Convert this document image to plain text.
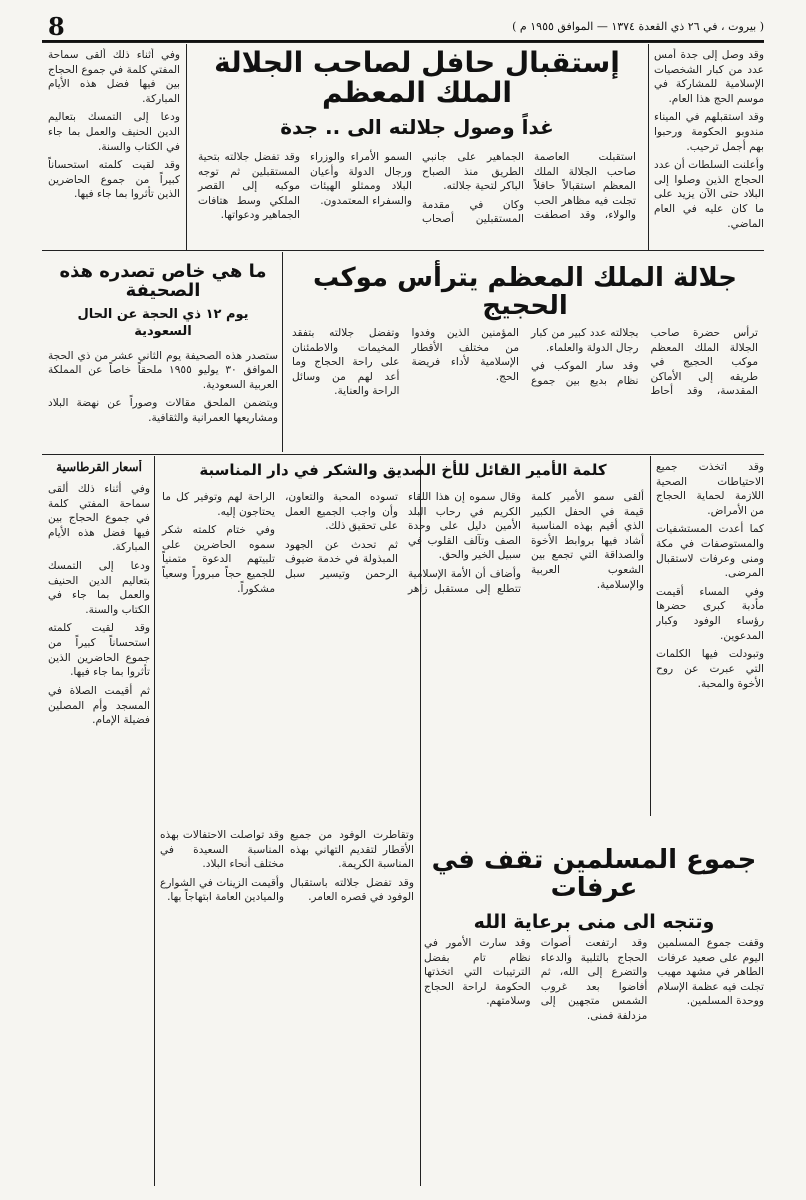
( بيروت ، في ٢٦ ذي القعدة ١٣٧٤ — الموافق ١٩٥٥ م )
8
إستقبال حافل لصاحب الجلالة الملك المعظم
غداً وصول جلالته الى .. جدة

استقبلت العاصمة صاحب الجلالة الملك المعظم استقبالاً حافلاً تجلت فيه مظاهر الحب والولاء، وقد اصطفت الجماهير على جانبي الطريق منذ الصباح الباكر لتحية جلالته.

وكان في مقدمة المستقبلين أصحاب السمو الأمراء والوزراء ورجال الدولة وأعيان البلاد وممثلو الهيئات والسفراء المعتمدون.

وقد تفضل جلالته بتحية المستقبلين ثم توجه موكبه إلى القصر الملكي وسط هتافات الجماهير ودعواتها.

وفي أثناء ذلك ألقى سماحة المفتي كلمة في جموع الحجاج بين فيها فضل هذه الأيام المباركة.

ودعا إلى التمسك بتعاليم الدين الحنيف والعمل بما جاء في الكتاب والسنة.

وقد لقيت كلمته استحساناً كبيراً من جموع الحاضرين الذين تأثروا بما جاء فيها.

وقد وصل إلى جدة أمس عدد من كبار الشخصيات الإسلامية للمشاركة في موسم الحج هذا العام.

وقد استقبلهم في الميناء مندوبو الحكومة ورحبوا بهم أجمل ترحيب.

وأعلنت السلطات أن عدد الحجاج الذين وصلوا إلى البلاد حتى الآن يزيد على ما كان عليه في العام الماضي.

جلالة الملك المعظم يترأس موكب الحجيج

ترأس حضرة صاحب الجلالة الملك المعظم موكب الحجيج في طريقه إلى الأماكن المقدسة، وقد أحاط بجلالته عدد كبير من كبار رجال الدولة والعلماء.

وقد سار الموكب في نظام بديع بين جموع المؤمنين الذين وفدوا من مختلف الأقطار الإسلامية لأداء فريضة الحج.

وتفضل جلالته بتفقد المخيمات والاطمئنان على راحة الحجاج وما أعد لهم من وسائل الراحة والعناية.

ما هي خاص تصدره هذه الصحيفة
يوم ١٢ ذي الحجة عن الحال السعودية

ستصدر هذه الصحيفة يوم الثاني عشر من ذي الحجة الموافق ٣٠ يوليو ١٩٥٥ ملحقاً خاصاً عن المملكة العربية السعودية.

ويتضمن الملحق مقالات وصوراً عن نهضة البلاد ومشاريعها العمرانية والثقافية.

كلمة الأمير القائل للأخ الصديق والشكر في دار المناسبة

ألقى سمو الأمير كلمة قيمة في الحفل الكبير الذي أقيم بهذه المناسبة أشاد فيها بروابط الأخوة والصداقة التي تجمع بين الشعوب العربية والإسلامية.

وقال سموه إن هذا اللقاء الكريم في رحاب البلد الأمين دليل على وحدة الصف وتآلف القلوب في سبيل الخير والحق.

وأضاف أن الأمة الإسلامية تتطلع إلى مستقبل زاهر تسوده المحبة والتعاون، وأن واجب الجميع العمل على تحقيق ذلك.

ثم تحدث عن الجهود المبذولة في خدمة ضيوف الرحمن وتيسير سبل الراحة لهم وتوفير كل ما يحتاجون إليه.

وفي ختام كلمته شكر سموه الحاضرين على تلبيتهم الدعوة متمنياً للجميع حجاً مبروراً وسعياً مشكوراً.

أسعار القرطاسية

وفي أثناء ذلك ألقى سماحة المفتي كلمة في جموع الحجاج بين فيها فضل هذه الأيام المباركة.

ودعا إلى التمسك بتعاليم الدين الحنيف والعمل بما جاء في الكتاب والسنة.

وقد لقيت كلمته استحساناً كبيراً من جموع الحاضرين الذين تأثروا بما جاء فيها.

ثم أقيمت الصلاة في المسجد وأم المصلين فضيلة الإمام.

جموع المسلمين تقف في عرفات
وتتجه الى منى برعاية الله

وقفت جموع المسلمين اليوم على صعيد عرفات الطاهر في مشهد مهيب تجلت فيه عظمة الإسلام ووحدة المسلمين.

وقد ارتفعت أصوات الحجاج بالتلبية والدعاء والتضرع إلى الله، ثم أفاضوا بعد غروب الشمس متجهين إلى مزدلفة فمنى.

وقد سارت الأمور في نظام تام بفضل الترتيبات التي اتخذتها الحكومة لراحة الحجاج وسلامتهم.

وقد تواصلت الاحتفالات بهذه المناسبة السعيدة في مختلف أنحاء البلاد.

وأقيمت الزينات في الشوارع والميادين العامة ابتهاجاً بها.

وتقاطرت الوفود من جميع الأقطار لتقديم التهاني بهذه المناسبة الكريمة.

وقد تفضل جلالته باستقبال الوفود في قصره العامر.

وقد اتخذت جميع الاحتياطات الصحية اللازمة لحماية الحجاج من الأمراض.

كما أعدت المستشفيات والمستوصفات في مكة ومنى وعرفات لاستقبال المرضى.

وفي المساء أقيمت مأدبة كبرى حضرها رؤساء الوفود وكبار المدعوين.

وتبودلت فيها الكلمات التي عبرت عن روح الأخوة والمحبة.
